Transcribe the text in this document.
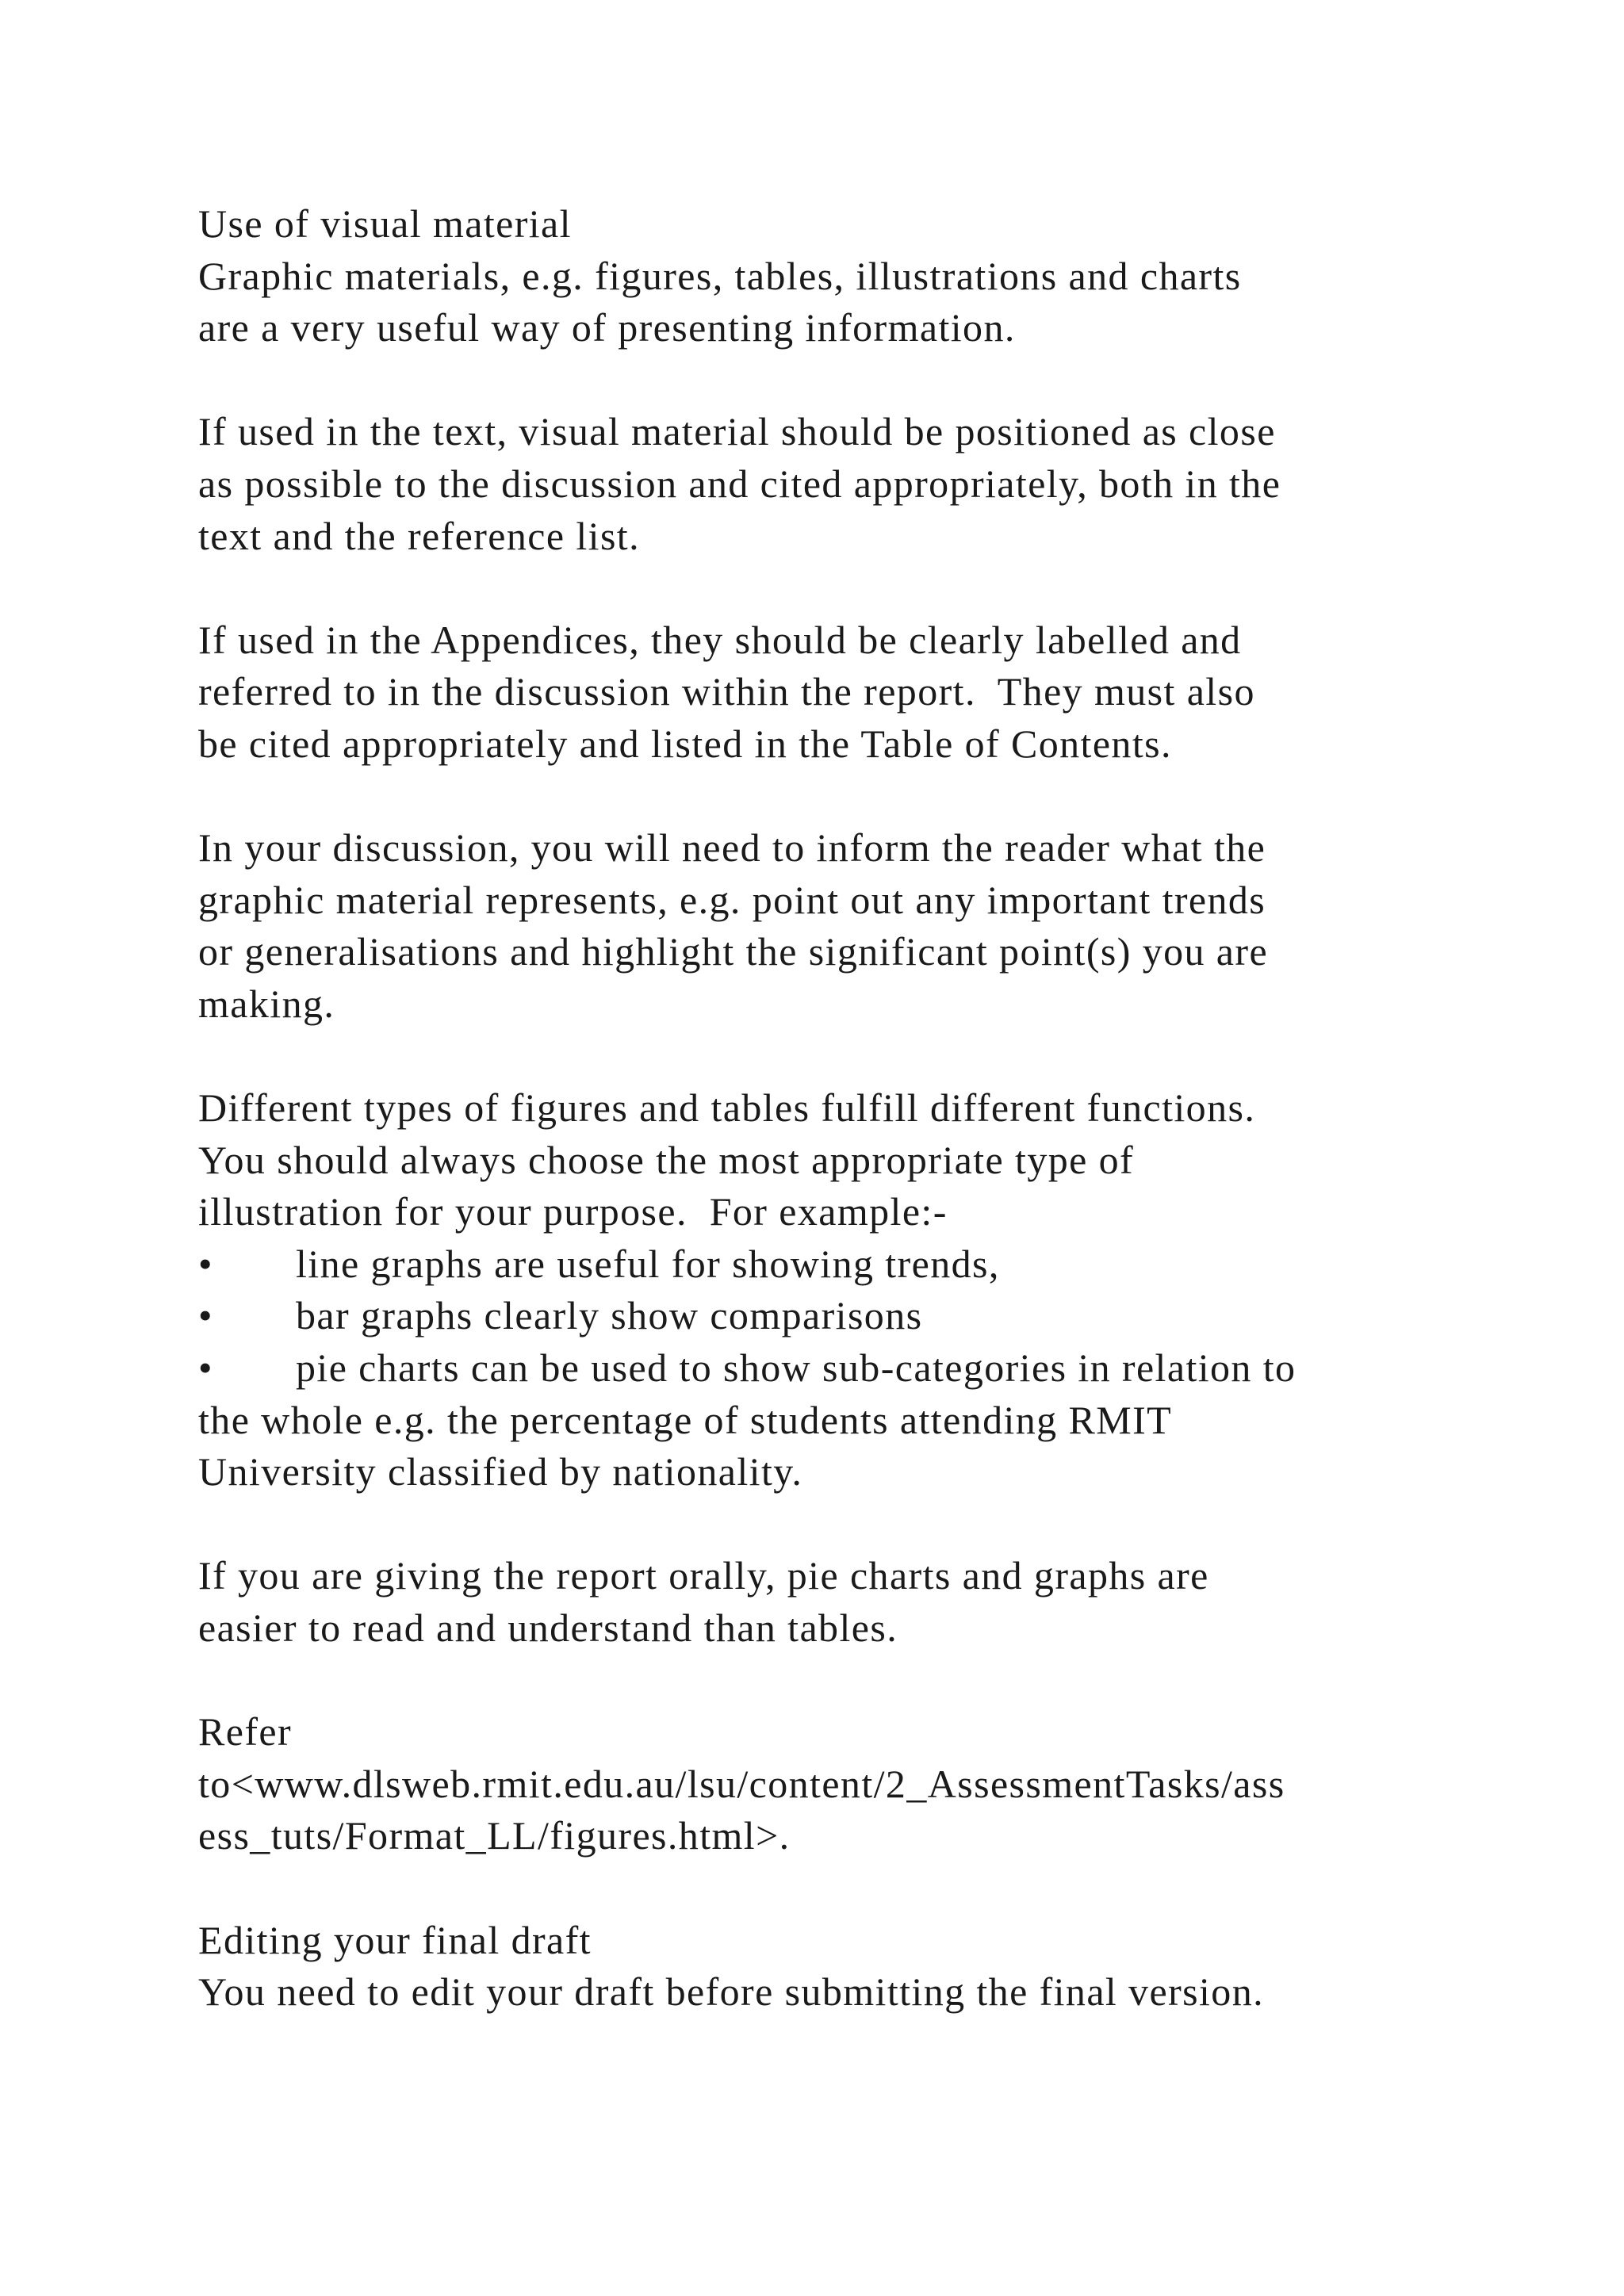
Use of visual material
Graphic materials, e.g. figures, tables, illustrations and charts
are a very useful way of presenting information.
If used in the text, visual material should be positioned as close
as possible to the discussion and cited appropriately, both in the
text and the reference list.
If used in the Appendices, they should be clearly labelled and
referred to in the discussion within the report.  They must also
be cited appropriately and listed in the Table of Contents.
In your discussion, you will need to inform the reader what the
graphic material represents, e.g. point out any important trends
or generalisations and highlight the significant point(s) you are
making.
Different types of figures and tables fulfill different functions.
You should always choose the most appropriate type of
illustration for your purpose.  For example:-
• line graphs are useful for showing trends,
• bar graphs clearly show comparisons
• pie charts can be used to show sub-categories in relation to
the whole e.g. the percentage of students attending RMIT
University classified by nationality.
If you are giving the report orally, pie charts and graphs are
easier to read and understand than tables.
Refer
to<www.dlsweb.rmit.edu.au/lsu/content/2_AssessmentTasks/ass
ess_tuts/Format_LL/figures.html>.
Editing your final draft
You need to edit your draft before submitting the final version.
